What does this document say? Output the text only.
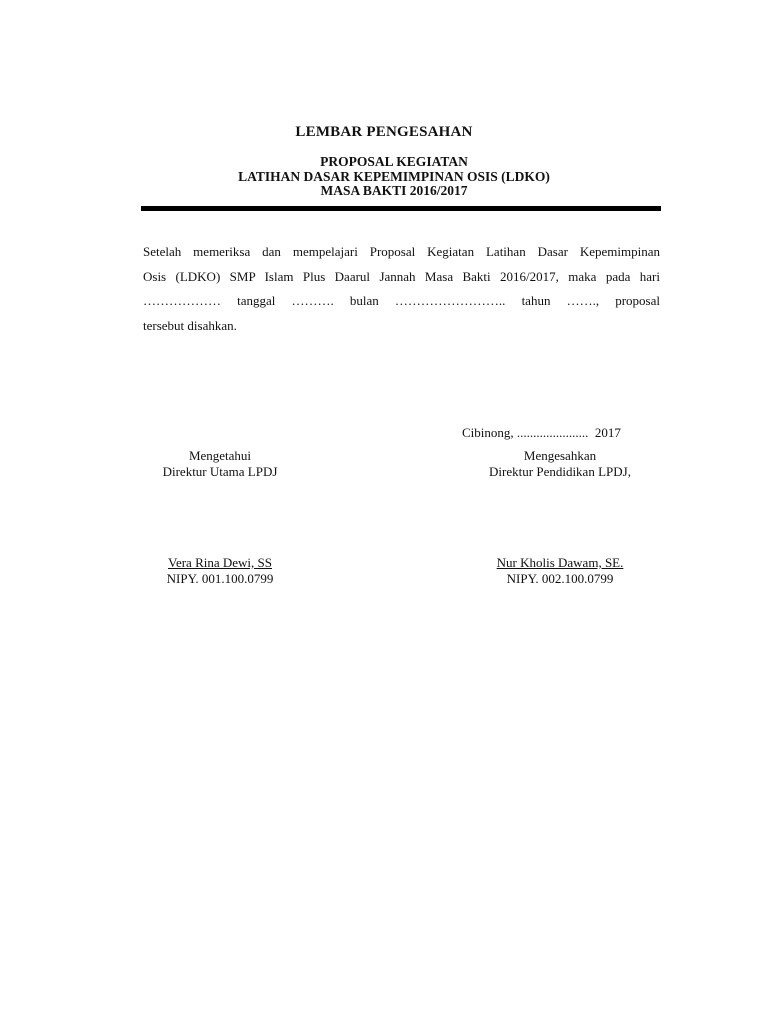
LEMBAR PENGESAHAN
PROPOSAL KEGIATAN
LATIHAN DASAR KEPEMIMPINAN OSIS (LDKO)
MASA BAKTI 2016/2017
Setelah memeriksa dan mempelajari Proposal Kegiatan Latihan Dasar Kepemimpinan
Osis (LDKO) SMP Islam Plus Daarul Jannah Masa Bakti 2016/2017, maka pada hari
……………… tanggal ………. bulan …………………….. tahun ……., proposal
tersebut disahkan.
Cibinong, ......................  2017
Mengetahui
Direktur Utama LPDJ
Mengesahkan
Direktur Pendidikan LPDJ,
Vera Rina Dewi, SS
NIPY. 001.100.0799
Nur Kholis Dawam, SE.
NIPY. 002.100.0799
